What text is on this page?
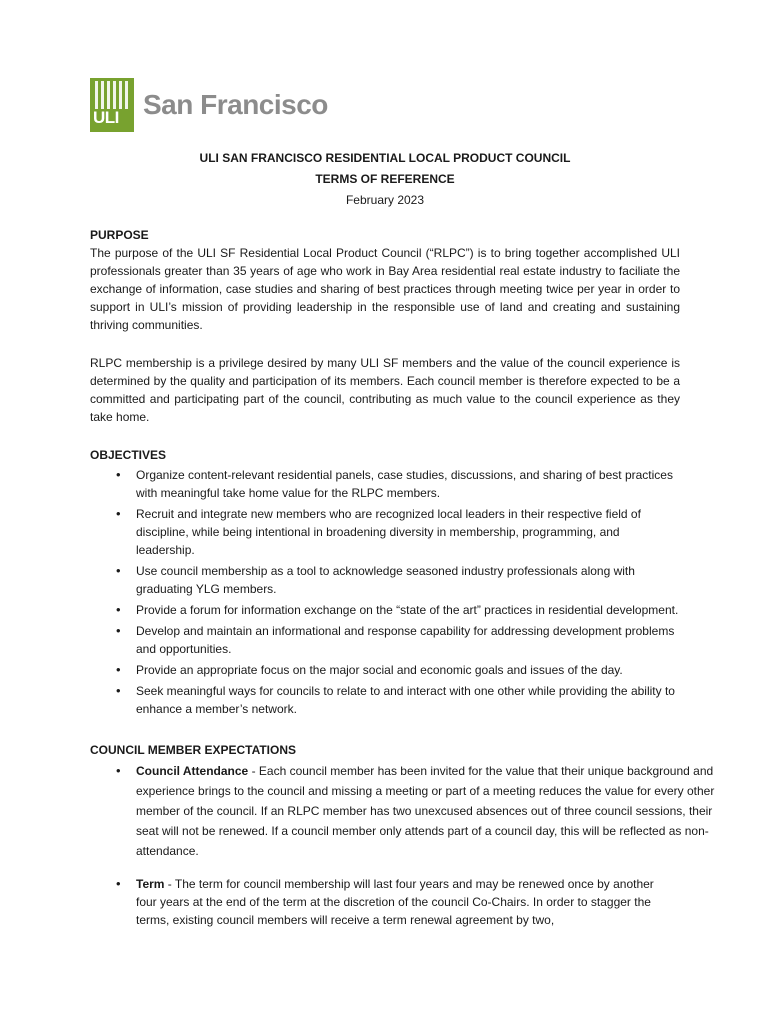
ULI San Francisco

ULI SAN FRANCISCO RESIDENTIAL LOCAL PRODUCT COUNCIL

TERMS OF REFERENCE

February 2023

PURPOSE

The purpose of the ULI SF Residential Local Product Council (“RLPC”) is to bring together accomplished ULI professionals greater than 35 years of age who work in Bay Area residential real estate industry to faciliate the exchange of information, case studies and sharing of best practices through meeting twice per year in order to support in ULI’s mission of providing leadership in the responsible use of land and creating and sustaining thriving communities.

RLPC membership is a privilege desired by many ULI SF members and the value of the council experience is determined by the quality and participation of its members. Each council member is therefore expected to be a committed and participating part of the council, contributing as much value to the council experience as they take home.

OBJECTIVES
• Organize content-relevant residential panels, case studies, discussions, and sharing of best practices with meaningful take home value for the RLPC members.
• Recruit and integrate new members who are recognized local leaders in their respective field of discipline, while being intentional in broadening diversity in membership, programming, and leadership.
• Use council membership as a tool to acknowledge seasoned industry professionals along with graduating YLG members.
• Provide a forum for information exchange on the “state of the art” practices in residential development.
• Develop and maintain an informational and response capability for addressing development problems and opportunities.
• Provide an appropriate focus on the major social and economic goals and issues of the day.
• Seek meaningful ways for councils to relate to and interact with one other while providing the ability to enhance a member’s network.
COUNCIL MEMBER EXPECTATIONS
• Council Attendance - Each council member has been invited for the value that their unique background and experience brings to the council and missing a meeting or part of a meeting reduces the value for every other member of the council. If an RLPC member has two unexcused absences out of three council sessions, their seat will not be renewed. If a council member only attends part of a council day, this will be reflected as non-attendance.
• Term - The term for council membership will last four years and may be renewed once by another four years at the end of the term at the discretion of the council Co-Chairs. In order to stagger the terms, existing council members will receive a term renewal agreement by two,
